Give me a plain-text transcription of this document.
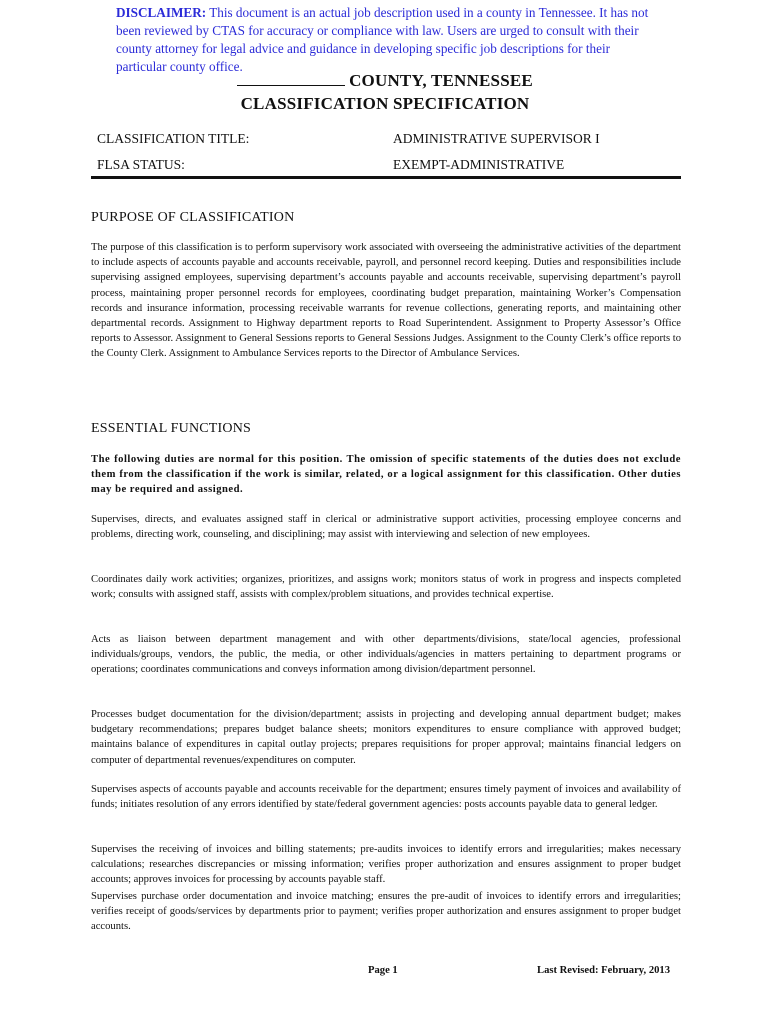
DISCLAIMER: This document is an actual job description used in a county in Tennessee. It has not been reviewed by CTAS for accuracy or compliance with law. Users are urged to consult with their county attorney for legal advice and guidance in developing specific job descriptions for their particular county office.
COUNTY, TENNESSEE
CLASSIFICATION SPECIFICATION
CLASSIFICATION TITLE:	ADMINISTRATIVE SUPERVISOR I
FLSA STATUS:	EXEMPT-ADMINISTRATIVE
PURPOSE OF CLASSIFICATION
The purpose of this classification is to perform supervisory work associated with overseeing the administrative activities of the department to include aspects of accounts payable and accounts receivable, payroll, and personnel record keeping. Duties and responsibilities include supervising assigned employees, supervising department’s accounts payable and accounts receivable, supervising department’s payroll process, maintaining proper personnel records for employees, coordinating budget preparation, maintaining Worker’s Compensation records and insurance information, processing receivable warrants for revenue collections, generating reports, and maintaining other departmental records. Assignment to Highway department reports to Road Superintendent. Assignment to Property Assessor’s Office reports to Assessor. Assignment to General Sessions reports to General Sessions Judges. Assignment to the County Clerk’s office reports to the County Clerk. Assignment to Ambulance Services reports to the Director of Ambulance Services.
ESSENTIAL FUNCTIONS
The following duties are normal for this position. The omission of specific statements of the duties does not exclude them from the classification if the work is similar, related, or a logical assignment for this classification. Other duties may be required and assigned.
Supervises, directs, and evaluates assigned staff in clerical or administrative support activities, processing employee concerns and problems, directing work, counseling, and disciplining; may assist with interviewing and selection of new employees.
Coordinates daily work activities; organizes, prioritizes, and assigns work; monitors status of work in progress and inspects completed work; consults with assigned staff, assists with complex/problem situations, and provides technical expertise.
Acts as liaison between department management and with other departments/divisions, state/local agencies, professional individuals/groups, vendors, the public, the media, or other individuals/agencies in matters pertaining to department programs or operations; coordinates communications and conveys information among division/department personnel.
Processes budget documentation for the division/department; assists in projecting and developing annual department budget; makes budgetary recommendations; prepares budget balance sheets; monitors expenditures to ensure compliance with approved budget; maintains balance of expenditures in capital outlay projects; prepares requisitions for proper approval; maintains financial ledgers on computer of departmental revenues/expenditures on computer.
Supervises aspects of accounts payable and accounts receivable for the department; ensures timely payment of invoices and availability of funds; initiates resolution of any errors identified by state/federal government agencies: posts accounts payable data to general ledger.
Supervises the receiving of invoices and billing statements; pre-audits invoices to identify errors and irregularities; makes necessary calculations; researches discrepancies or missing information; verifies proper authorization and ensures assignment to proper budget accounts; approves invoices for processing by accounts payable staff.
Supervises purchase order documentation and invoice matching; ensures the pre-audit of invoices to identify errors and irregularities; verifies receipt of goods/services by departments prior to payment; verifies proper authorization and ensures assignment to proper budget accounts.
Page 1	Last Revised: February, 2013
